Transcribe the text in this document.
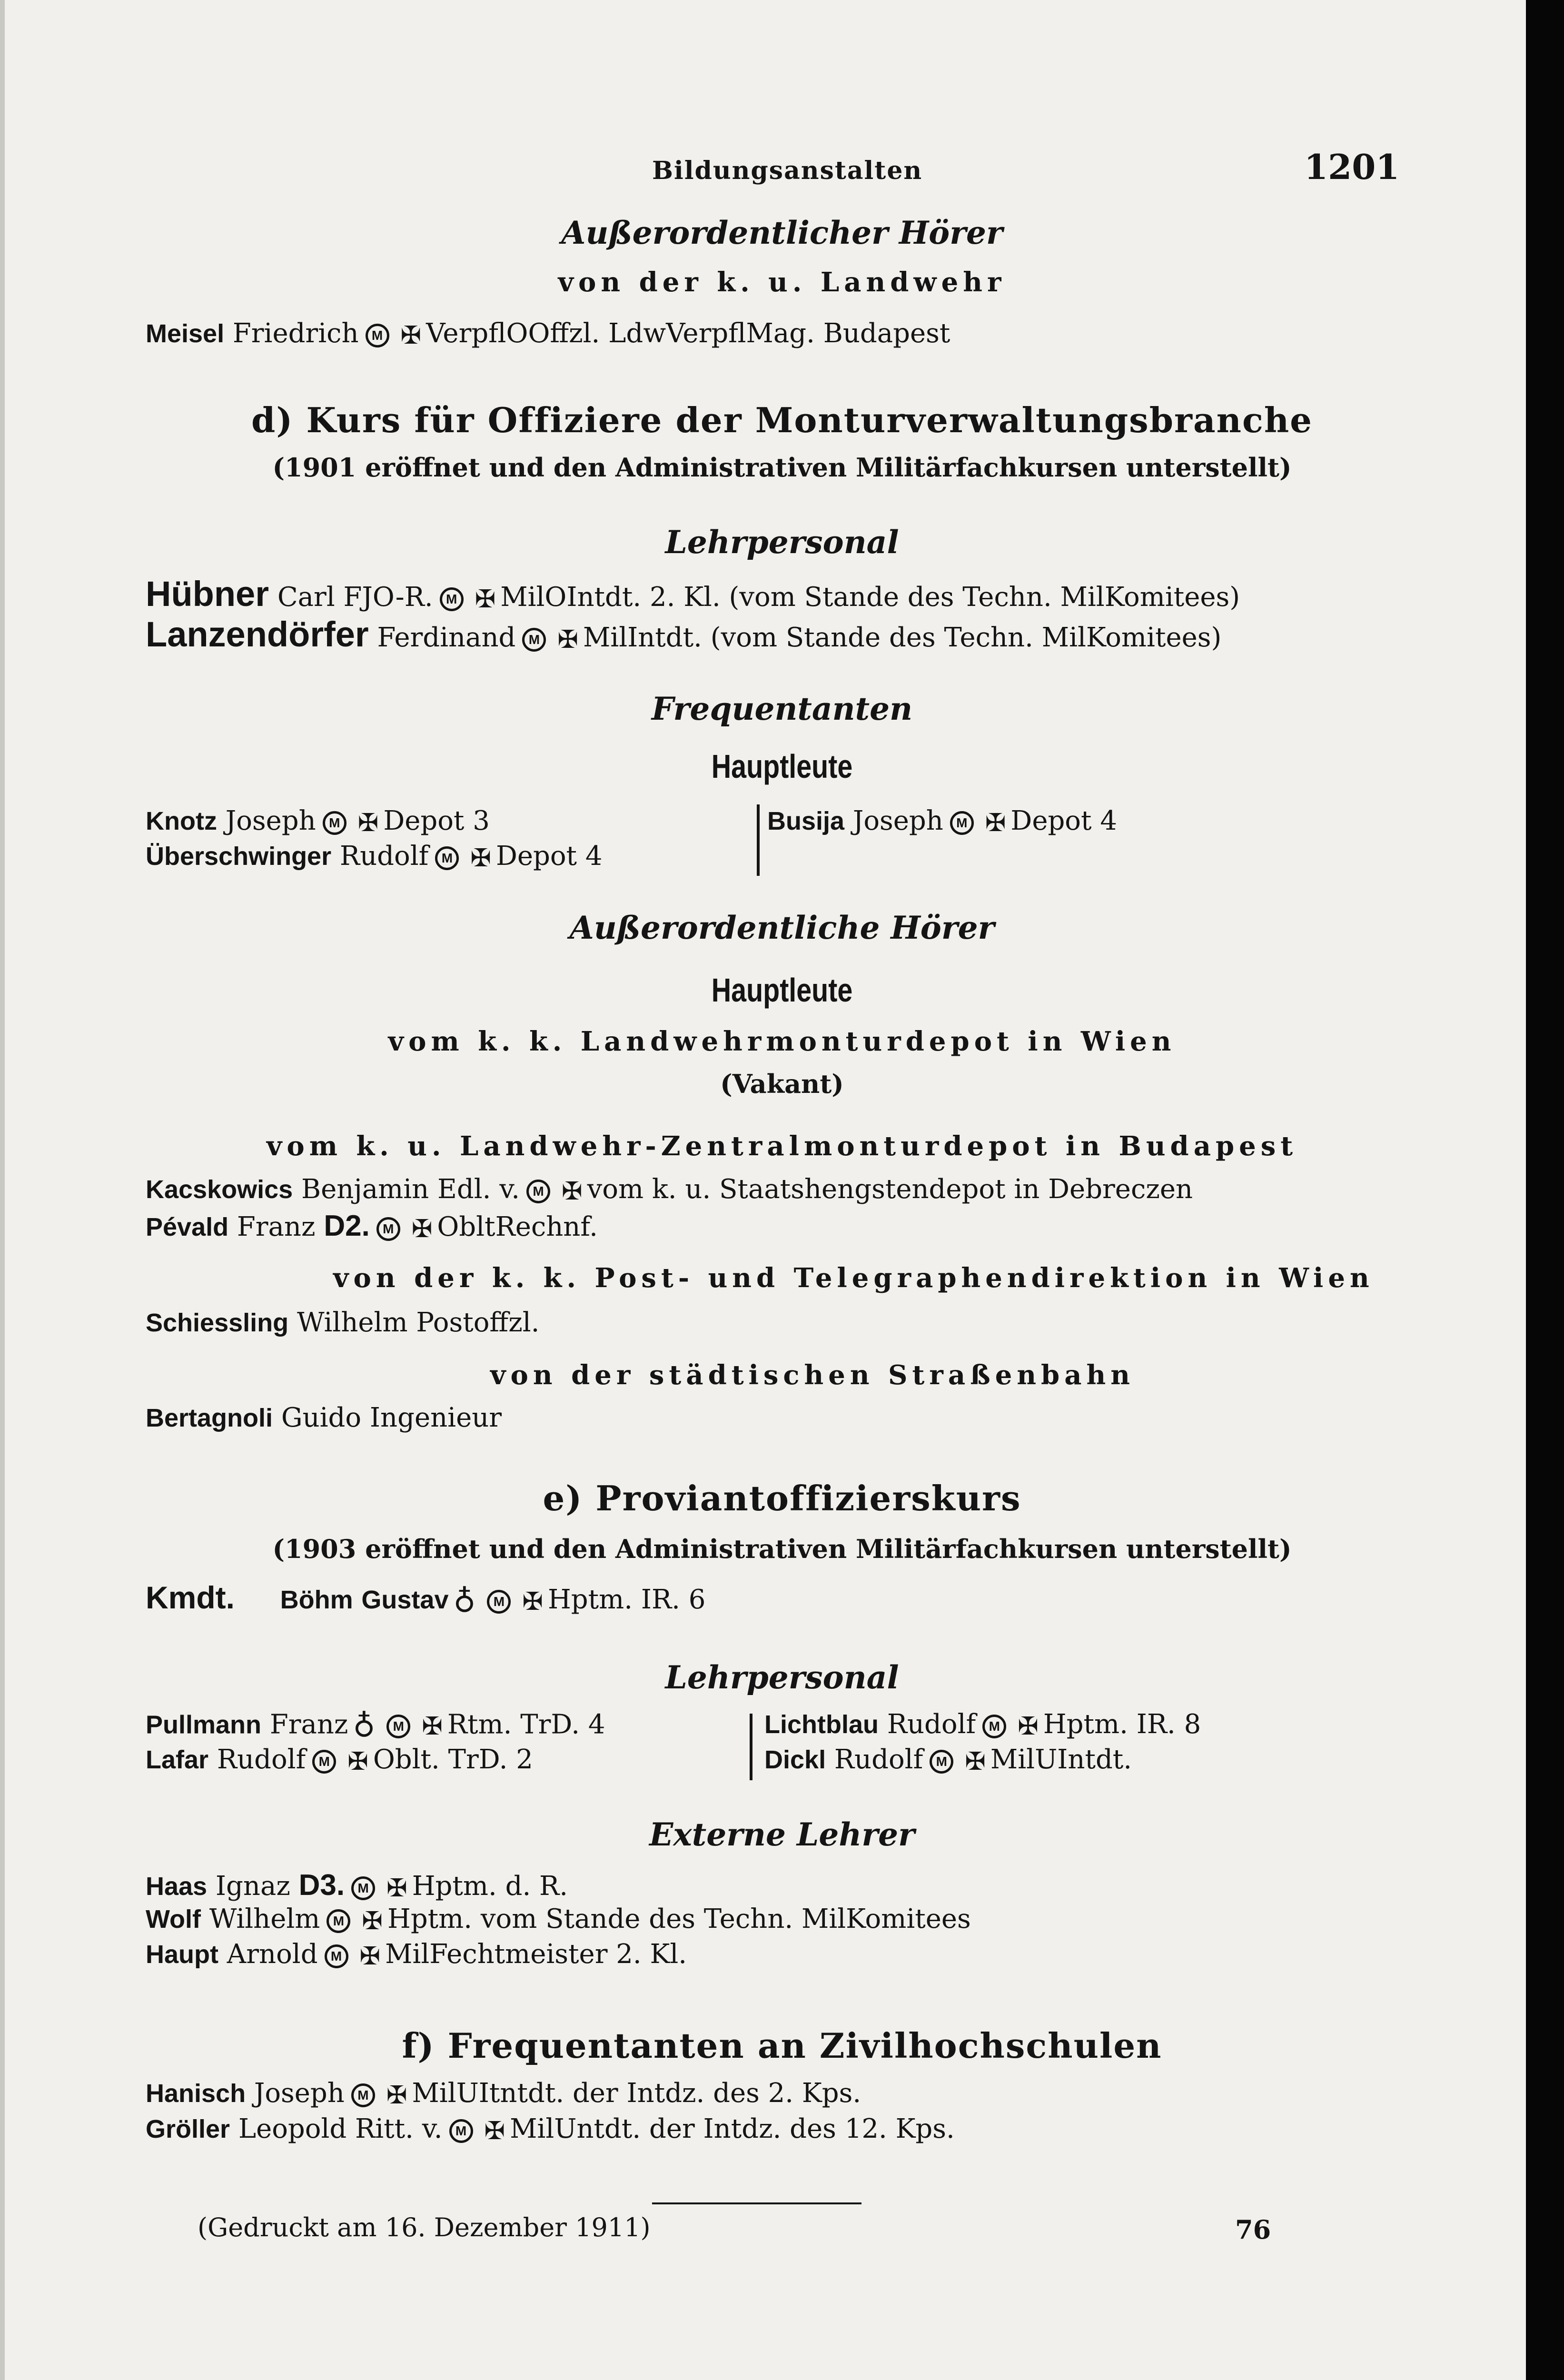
Bildungsanstalten	1201
Außerordentlicher Hörer
von der k. u. Landwehr
Meisel Friedrich M ✠ VerpflOOffzl. LdwVerpflMag. Budapest
d) Kurs für Offiziere der Monturverwaltungsbranche
(1901 eröffnet und den Administrativen Militärfachkursen unterstellt)
Lehrpersonal
Hübner Carl FJO-R. M ✠ MilOIntdt. 2. Kl. (vom Stande des Techn. MilKomitees)
Lanzendörfer Ferdinand M ✠ MilIntdt. (vom Stande des Techn. MilKomitees)
Frequentanten
Hauptleute
Knotz Joseph M ✠ Depot 3
Überschwinger Rudolf M ✠ Depot 4
Busija Joseph M ✠ Depot 4
Außerordentliche Hörer
Hauptleute
vom k. k. Landwehrmonturdepot in Wien
(Vakant)
vom k. u. Landwehr-Zentralmonturdepot in Budapest
Kacskowics Benjamin Edl. v. M ✠ vom k. u. Staatshengstendepot in Debreczen
Pévald Franz D2. M ✠ ObltRechnf.
von der k. k. Post- und Telegraphendirektion in Wien
Schiessling Wilhelm Postoffzl.
von der städtischen Straßenbahn
Bertagnoli Guido Ingenieur
e) Proviantoffizierskurs
(1903 eröffnet und den Administrativen Militärfachkursen unterstellt)
Kmdt. Böhm Gustav ♁ M ✠ Hptm. IR. 6
Lehrpersonal
Pullmann Franz ♁ M ✠ Rtm. TrD. 4
Lafar Rudolf M ✠ Oblt. TrD. 2
Lichtblau Rudolf M ✠ Hptm. IR. 8
Dickl Rudolf M ✠ MilUIntdt.
Externe Lehrer
Haas Ignaz D3. M ✠ Hptm. d. R.
Wolf Wilhelm M ✠ Hptm. vom Stande des Techn. MilKomitees
Haupt Arnold M ✠ MilFechtmeister 2. Kl.
f) Frequentanten an Zivilhochschulen
Hanisch Joseph M ✠ MilUItntdt. der Intdz. des 2. Kps.
Gröller Leopold Ritt. v. M ✠ MilUntdt. der Intdz. des 12. Kps.
(Gedruckt am 16. Dezember 1911)	76
